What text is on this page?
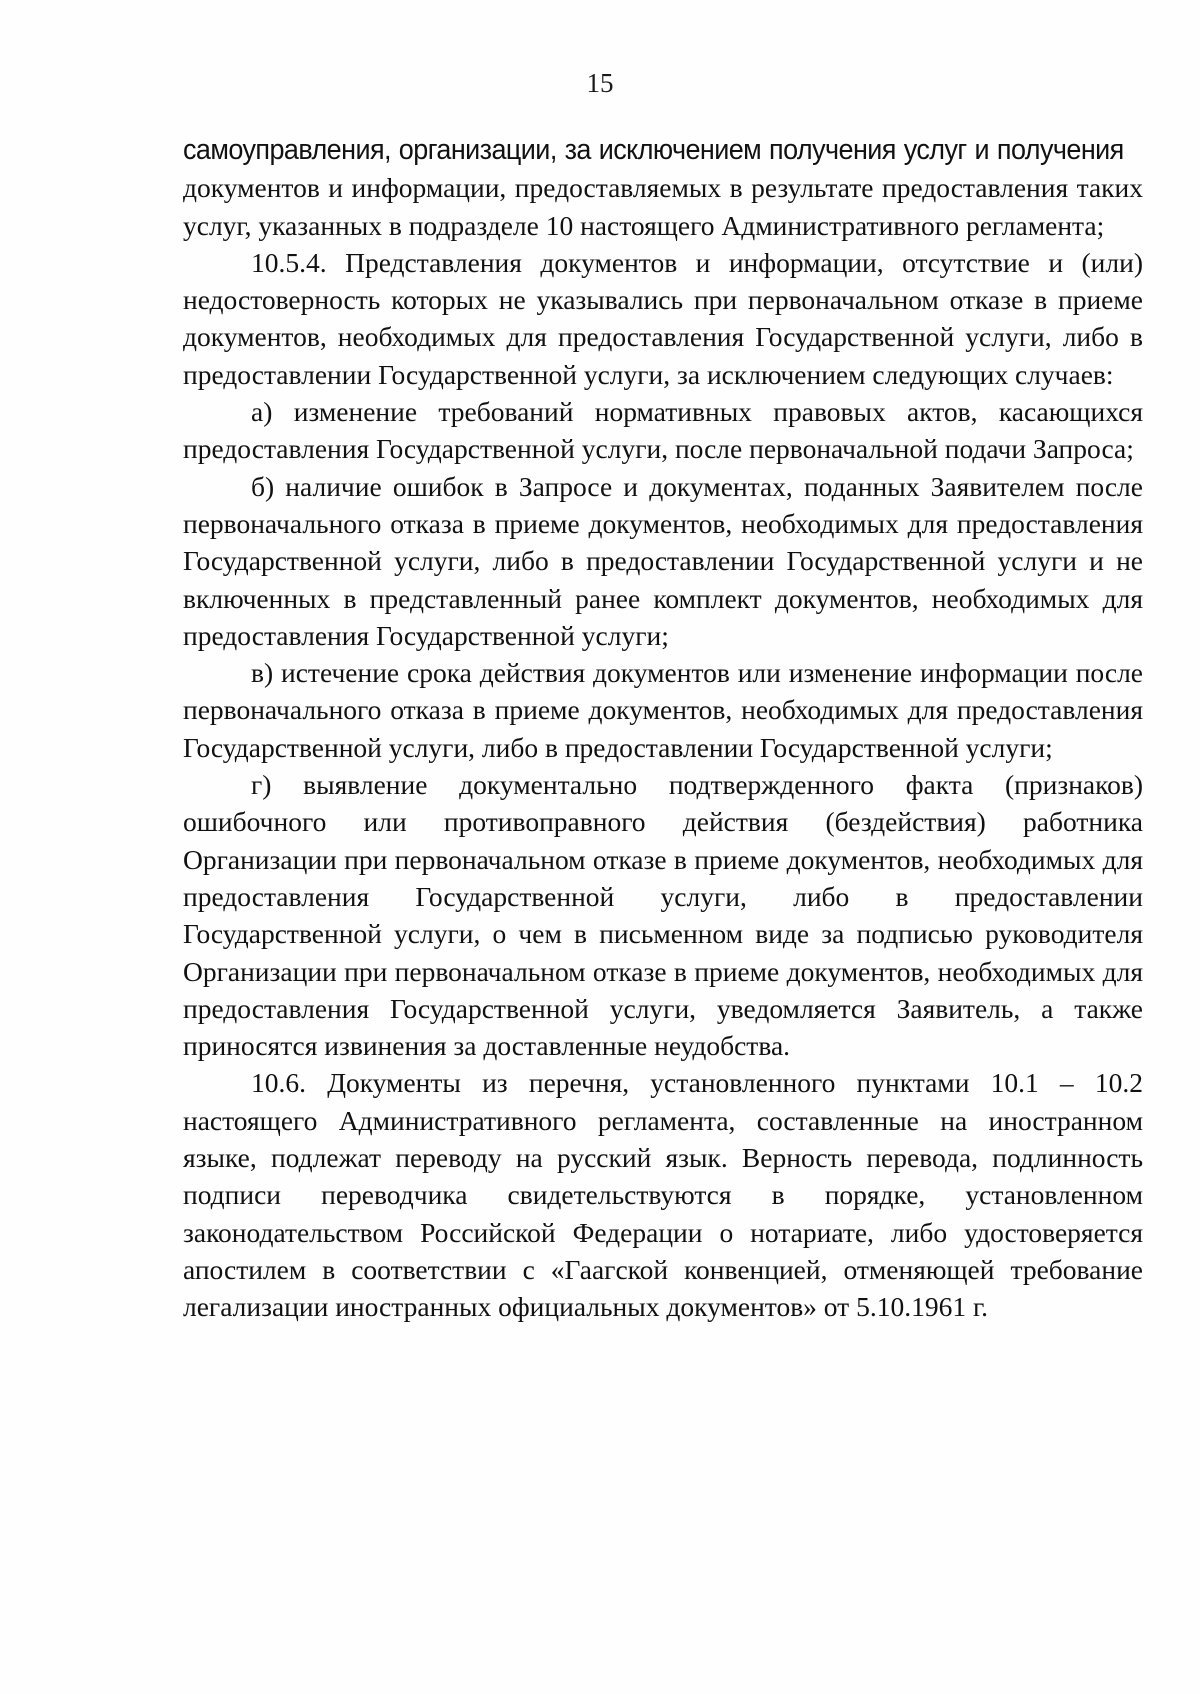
15

самоуправления, организации, за исключением получения услуг и получения
документов и информации, предоставляемых в результате предоставления таких услуг, указанных в подразделе 10 настоящего Административного регламента;

10.5.4. Представления документов и информации, отсутствие и (или) недостоверность которых не указывались при первоначальном отказе в приеме документов, необходимых для предоставления Государственной услуги, либо в предоставлении Государственной услуги, за исключением следующих случаев:

а) изменение требований нормативных правовых актов, касающихся предоставления Государственной услуги, после первоначальной подачи Запроса;

б) наличие ошибок в Запросе и документах, поданных Заявителем после первоначального отказа в приеме документов, необходимых для предоставления Государственной услуги, либо в предоставлении Государственной услуги и не включенных в представленный ранее комплект документов, необходимых для предоставления Государственной услуги;

в) истечение срока действия документов или изменение информации после первоначального отказа в приеме документов, необходимых для предоставления Государственной услуги, либо в предоставлении Государственной услуги;

г) выявление документально подтвержденного факта (признаков) ошибочного или противоправного действия (бездействия) работника Организации при первоначальном отказе в приеме документов, необходимых для предоставления Государственной услуги, либо в предоставлении Государственной услуги, о чем в письменном виде за подписью руководителя Организации при первоначальном отказе в приеме документов, необходимых для предоставления Государственной услуги, уведомляется Заявитель, а также приносятся извинения за доставленные неудобства.

10.6. Документы из перечня, установленного пунктами 10.1 – 10.2 настоящего Административного регламента, составленные на иностранном языке, подлежат переводу на русский язык. Верность перевода, подлинность подписи переводчика свидетельствуются в порядке, установленном законодательством Российской Федерации о нотариате, либо удостоверяется апостилем в соответствии с «Гаагской конвенцией, отменяющей требование легализации иностранных официальных документов» от 5.10.1961 г.
